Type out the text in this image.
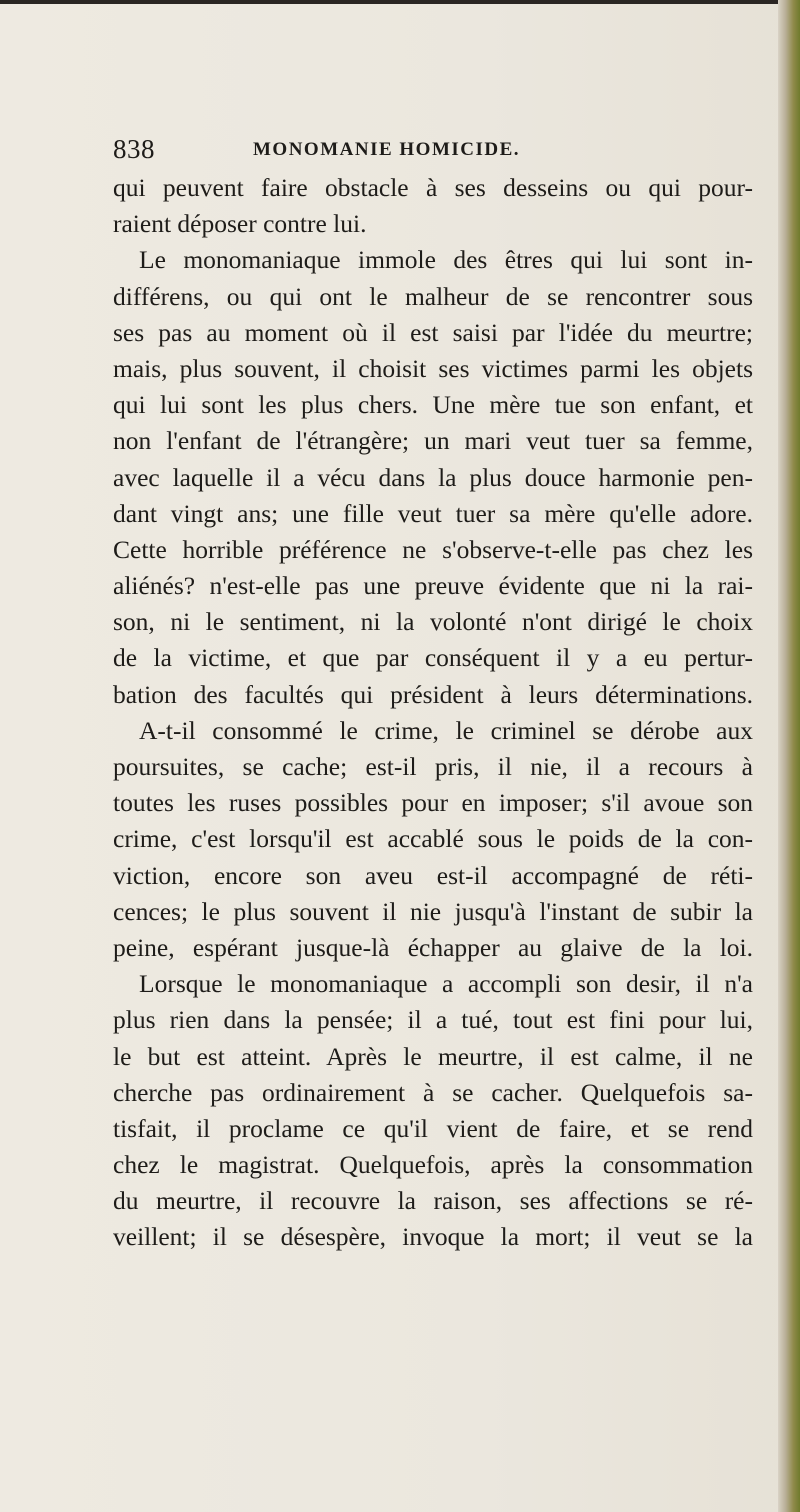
838	MONOMANIE HOMICIDE.
qui peuvent faire obstacle à ses desseins ou qui pour-
raient déposer contre lui.
Le monomaniaque immole des êtres qui lui sont in-
différens, ou qui ont le malheur de se rencontrer sous
ses pas au moment où il est saisi par l'idée du meurtre;
mais, plus souvent, il choisit ses victimes parmi les objets
qui lui sont les plus chers. Une mère tue son enfant, et
non l'enfant de l'étrangère; un mari veut tuer sa femme,
avec laquelle il a vécu dans la plus douce harmonie pen-
dant vingt ans; une fille veut tuer sa mère qu'elle adore.
Cette horrible préférence ne s'observe-t-elle pas chez les
aliénés? n'est-elle pas une preuve évidente que ni la rai-
son, ni le sentiment, ni la volonté n'ont dirigé le choix
de la victime, et que par conséquent il y a eu pertur-
bation des facultés qui président à leurs déterminations.
A-t-il consommé le crime, le criminel se dérobe aux
poursuites, se cache; est-il pris, il nie, il a recours à
toutes les ruses possibles pour en imposer; s'il avoue son
crime, c'est lorsqu'il est accablé sous le poids de la con-
viction, encore son aveu est-il accompagné de réti-
cences; le plus souvent il nie jusqu'à l'instant de subir la
peine, espérant jusque-là échapper au glaive de la loi.
Lorsque le monomaniaque a accompli son desir, il n'a
plus rien dans la pensée; il a tué, tout est fini pour lui,
le but est atteint. Après le meurtre, il est calme, il ne
cherche pas ordinairement à se cacher. Quelquefois sa-
tisfait, il proclame ce qu'il vient de faire, et se rend
chez le magistrat. Quelquefois, après la consommation
du meurtre, il recouvre la raison, ses affections se ré-
veillent; il se désespère, invoque la mort; il veut se la
